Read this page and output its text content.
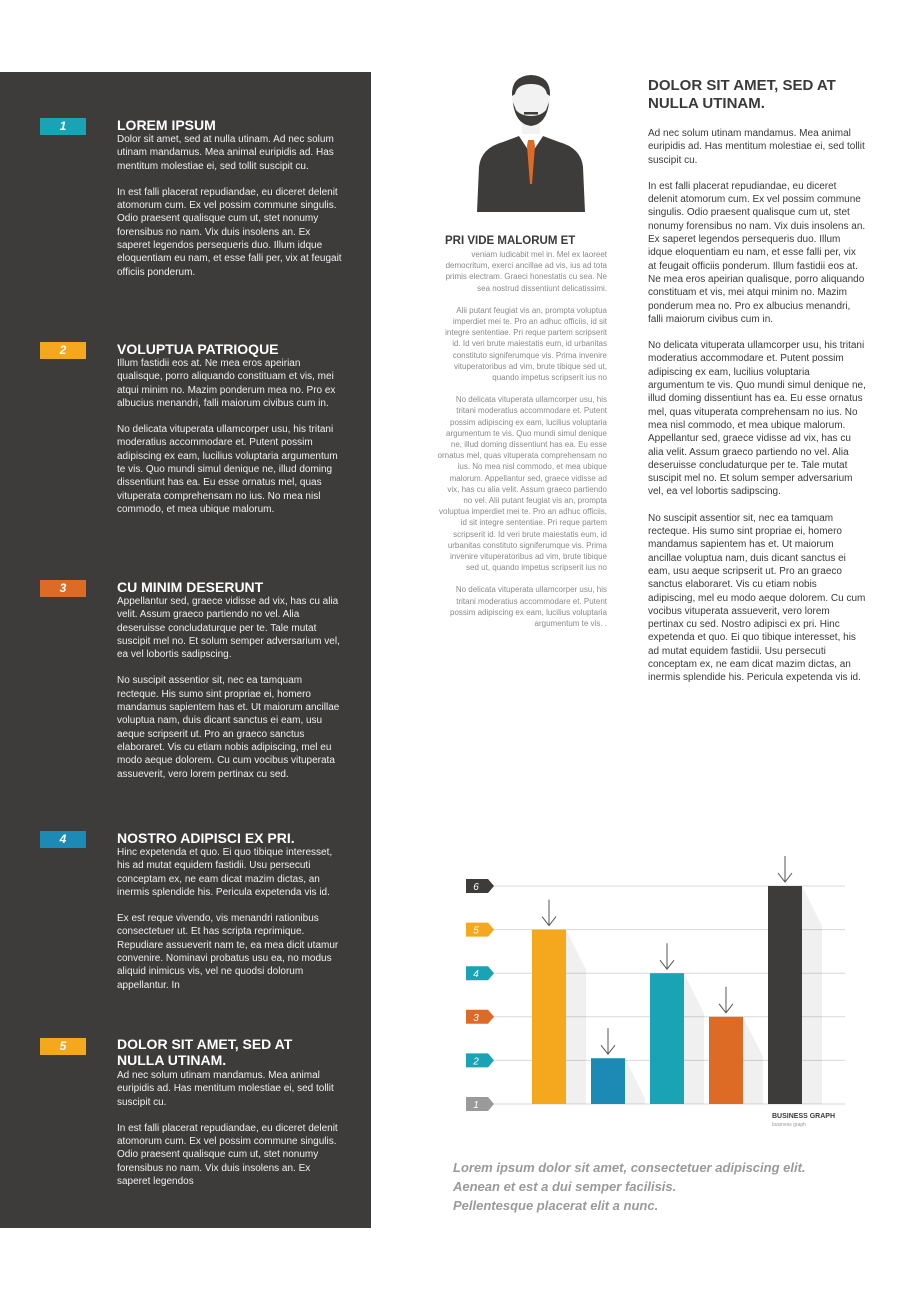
1	LOREM IPSUM

Dolor sit amet, sed at nulla utinam. Ad nec solum utinam mandamus. Mea animal euripidis ad. Has mentitum molestiae ei, sed tollit suscipit cu.

In est falli placerat repudiandae, eu diceret delenit atomorum cum. Ex vel possim commune singulis. Odio praesent qualisque cum ut, stet nonumy forensibus no nam. Vix duis insolens an. Ex saperet legendos persequeris duo. Illum idque eloquentiam eu nam, et esse falli per, vix at feugait officiis ponderum.

2	VOLUPTUA PATRIOQUE

Illum fastidii eos at. Ne mea eros apeirian qualisque, porro aliquando constituam et vis, mei atqui minim no. Mazim ponderum mea no. Pro ex albucius menandri, falli maiorum civibus cum in.

No delicata vituperata ullamcorper usu, his tritani moderatius accommodare et. Putent possim adipiscing ex eam, lucilius voluptaria argumentum te vis. Quo mundi simul denique ne, illud doming dissentiunt has ea. Eu esse ornatus mel, quas vituperata comprehensam no ius. No mea nisl commodo, et mea ubique malorum.

3	CU MINIM DESERUNT

Appellantur sed, graece vidisse ad vix, has cu alia velit. Assum graeco partiendo no vel. Alia deseruisse concludaturque per te. Tale mutat suscipit mel no. Et solum semper adversarium vel, ea vel lobortis sadipscing.

No suscipit assentior sit, nec ea tamquam recteque. His sumo sint propriae ei, homero mandamus sapientem has et. Ut maiorum ancillae voluptua nam, duis dicant sanctus ei eam, usu aeque scripserit ut. Pro an graeco sanctus elaboraret. Vis cu etiam nobis adipiscing, mel eu modo aeque dolorem. Cu cum vocibus vituperata assueverit, vero lorem pertinax cu sed.

4	NOSTRO ADIPISCI EX PRI.

Hinc expetenda et quo. Ei quo tibique interesset, his ad mutat equidem fastidii. Usu persecuti conceptam ex, ne eam dicat mazim dictas, an inermis splendide his. Pericula expetenda vis id.

Ex est reque vivendo, vis menandri rationibus consectetuer ut. Et has scripta reprimique. Repudiare assueverit nam te, ea mea dicit utamur convenire. Nominavi probatus usu ea, no modus aliquid inimicus vis, vel ne quodsi dolorum appellantur. In

5	DOLOR SIT AMET, SED AT NULLA UTINAM.

Ad nec solum utinam mandamus. Mea animal euripidis ad. Has mentitum molestiae ei, sed tollit suscipit cu.

In est falli placerat repudiandae, eu diceret delenit atomorum cum. Ex vel possim commune singulis. Odio praesent qualisque cum ut, stet nonumy forensibus no nam. Vix duis insolens an. Ex saperet legendos

PRI VIDE MALORUM ET

veniam iudicabit mel in. Mel ex laoreet democritum, exerci ancillae ad vis, ius ad tota primis electram. Graeci honestatis cu sea. Ne sea nostrud dissentiunt delicatissimi.

Alii putant feugiat vis an, prompta voluptua imperdiet mei te. Pro an adhuc officiis, id sit integre sententiae. Pri reque partem scripserit id. Id veri brute maiestatis eum, id urbanitas constituto signiferumque vis. Prima invenire vituperatoribus ad vim, brute tibique sed ut, quando impetus scripserit ius no

No delicata vituperata ullamcorper usu, his tritani moderatius accommodare et. Putent possim adipiscing ex eam, lucilius voluptaria argumentum te vis. Quo mundi simul denique ne, illud doming dissentiunt has ea. Eu esse ornatus mel, quas vituperata comprehensam no ius. No mea nisl commodo, et mea ubique malorum. Appellantur sed, graece vidisse ad vix, has cu alia velit. Assum graeco partiendo no vel. Alii putant feugiat vis an, prompta voluptua imperdiet mei te. Pro an adhuc officiis, id sit integre sententiae. Pri reque partem scripserit id. Id veri brute maiestatis eum, id urbanitas constituto signiferumque vis. Prima invenire vituperatoribus ad vim, brute tibique sed ut, quando impetus scripserit ius no

No delicata vituperata ullamcorper usu, his tritani moderatius accommodare et. Putent possim adipiscing ex eam, lucilius voluptaria argumentum te vis. .

DOLOR SIT AMET, SED AT NULLA UTINAM.

Ad nec solum utinam mandamus. Mea animal euripidis ad. Has mentitum molestiae ei, sed tollit suscipit cu.

In est falli placerat repudiandae, eu diceret delenit atomorum cum. Ex vel possim commune singulis. Odio praesent qualisque cum ut, stet nonumy forensibus no nam. Vix duis insolens an. Ex saperet legendos persequeris duo. Illum idque eloquentiam eu nam, et esse falli per, vix at feugait officiis ponderum. Illum fastidii eos at. Ne mea eros apeirian qualisque, porro aliquando constituam et vis, mei atqui minim no. Mazim ponderum mea no. Pro ex albucius menandri, falli maiorum civibus cum in.

No delicata vituperata ullamcorper usu, his tritani moderatius accommodare et. Putent possim adipiscing ex eam, lucilius voluptaria argumentum te vis. Quo mundi simul denique ne, illud doming dissentiunt has ea. Eu esse ornatus mel, quas vituperata comprehensam no ius. No mea nisl commodo, et mea ubique malorum. Appellantur sed, graece vidisse ad vix, has cu alia velit. Assum graeco partiendo no vel. Alia deseruisse concludaturque per te. Tale mutat suscipit mel no. Et solum semper adversarium vel, ea vel lobortis sadipscing.

No suscipit assentior sit, nec ea tamquam recteque. His sumo sint propriae ei, homero mandamus sapientem has et. Ut maiorum ancillae voluptua nam, duis dicant sanctus ei eam, usu aeque scripserit ut. Pro an graeco sanctus elaboraret. Vis cu etiam nobis adipiscing, mel eu modo aeque dolorem. Cu cum vocibus vituperata assueverit, vero lorem pertinax cu sed. Nostro adipisci ex pri. Hinc expetenda et quo. Ei quo tibique interesset, his ad mutat equidem fastidii. Usu persecuti conceptam ex, ne eam dicat mazim dictas, an inermis splendide his. Pericula expetenda vis id.

1
2
3
4
5
6
BUSINESS GRAPH
business graph
Lorem ipsum dolor sit amet, consectetuer adipiscing elit.
Aenean et est a dui semper facilisis.
Pellentesque placerat elit a nunc.
